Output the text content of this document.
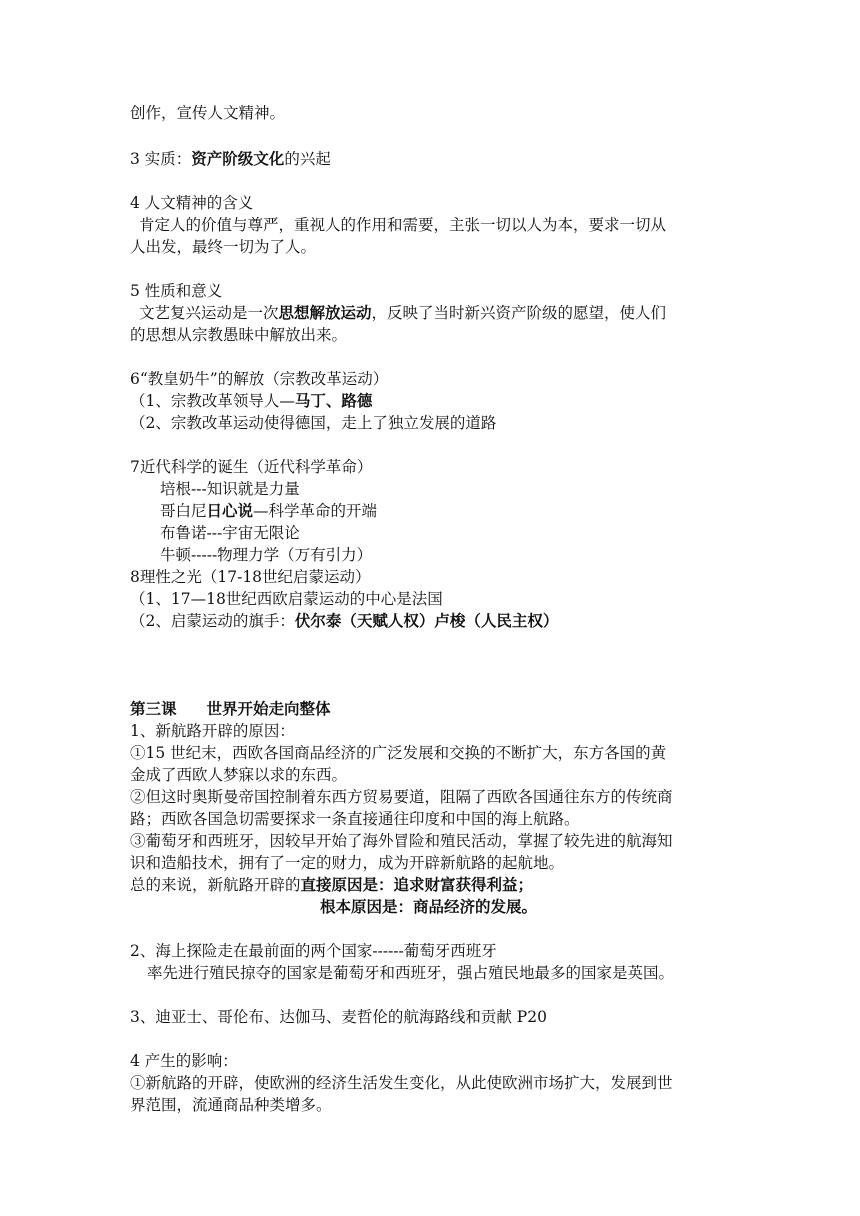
创作，宣传人文精神。
3 实质：资产阶级文化的兴起
4 人文精神的含义
肯定人的价值与尊严，重视人的作用和需要，主张一切以人为本，要求一切从
人出发，最终一切为了人。
5 性质和意义
文艺复兴运动是一次思想解放运动，反映了当时新兴资产阶级的愿望，使人们
的思想从宗教愚昧中解放出来。
6“教皇奶牛”的解放（宗教改革运动）
（1、宗教改革领导人—马丁、路德
（2、宗教改革运动使得德国，走上了独立发展的道路
7近代科学的诞生（近代科学革命）
培根---知识就是力量
哥白尼日心说—科学革命的开端
布鲁诺---宇宙无限论
牛顿-----物理力学（万有引力）
8理性之光（17-18世纪启蒙运动）
（1、17—18世纪西欧启蒙运动的中心是法国
（2、启蒙运动的旗手：伏尔泰（天赋人权）卢梭（人民主权）
第三课 世界开始走向整体
1、新航路开辟的原因：
①15 世纪末，西欧各国商品经济的广泛发展和交换的不断扩大，东方各国的黄
金成了西欧人梦寐以求的东西。
②但这时奥斯曼帝国控制着东西方贸易要道，阻隔了西欧各国通往东方的传统商
路；西欧各国急切需要探求一条直接通往印度和中国的海上航路。
③葡萄牙和西班牙，因较早开始了海外冒险和殖民活动，掌握了较先进的航海知
识和造船技术，拥有了一定的财力，成为开辟新航路的起航地。
总的来说，新航路开辟的直接原因是：追求财富获得利益；
根本原因是：商品经济的发展。
2、海上探险走在最前面的两个国家------葡萄牙西班牙
率先进行殖民掠夺的国家是葡萄牙和西班牙，强占殖民地最多的国家是英国。
3、迪亚士、哥伦布、达伽马、麦哲伦的航海路线和贡献 P20
4 产生的影响：
①新航路的开辟，使欧洲的经济生活发生变化，从此使欧洲市场扩大，发展到世
界范围，流通商品种类增多。
